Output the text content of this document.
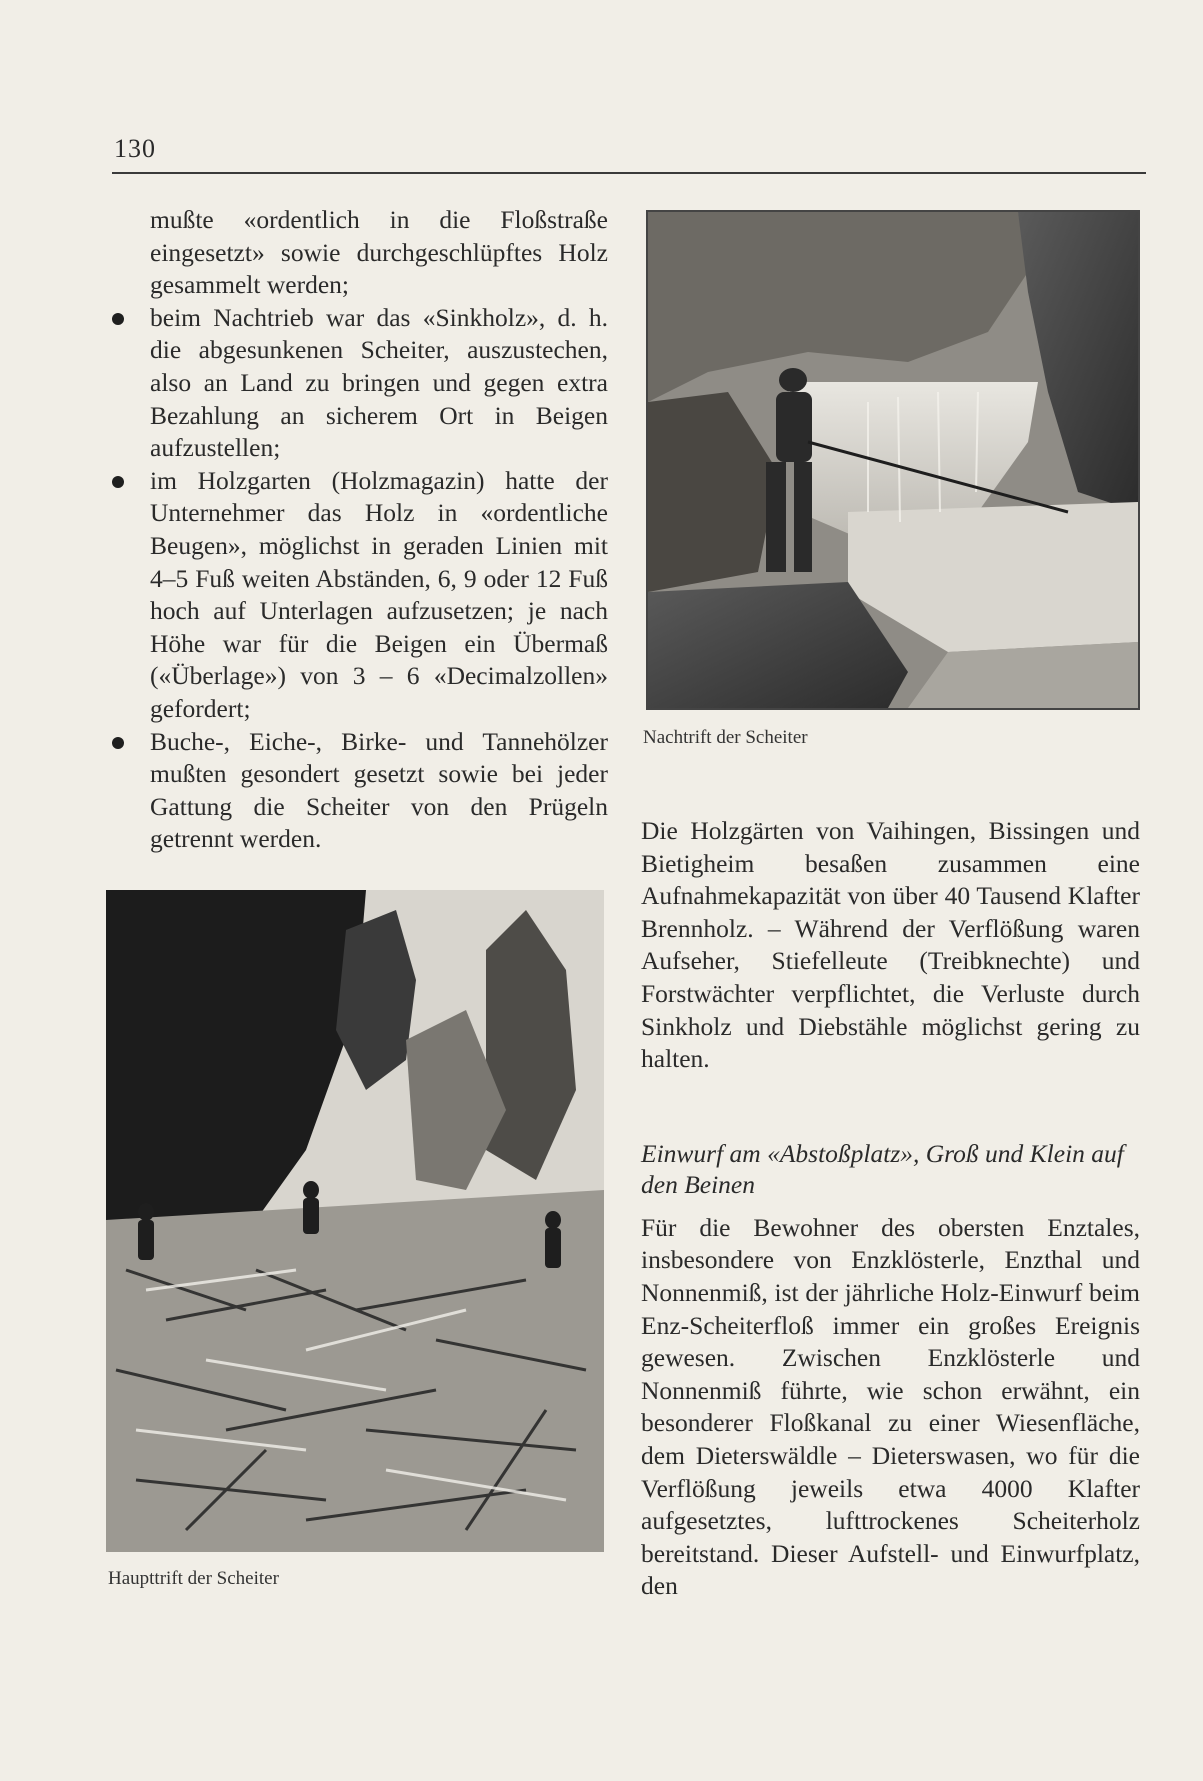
130

mußte «ordentlich in die Floßstraße eingesetzt» sowie durchgeschlüpftes Holz gesammelt werden;

beim Nachtrieb war das «Sinkholz», d. h. die abgesunkenen Scheiter, auszustechen, also an Land zu bringen und gegen extra Bezahlung an sicherem Ort in Beigen aufzustellen;
im Holzgarten (Holzmagazin) hatte der Unternehmer das Holz in «ordentliche Beugen», möglichst in geraden Linien mit 4–5 Fuß weiten Abständen, 6, 9 oder 12 Fuß hoch auf Unterlagen aufzusetzen; je nach Höhe war für die Beigen ein Übermaß («Überlage») von 3 – 6 «Decimalzollen» gefordert;
Buche-, Eiche-, Birke- und Tannehölzer mußten gesondert gesetzt sowie bei jeder Gattung die Scheiter von den Prügeln getrennt werden.
Nachtrift der Scheiter
Haupttrift der Scheiter

Die Holzgärten von Vaihingen, Bissingen und Bietigheim besaßen zusammen eine Aufnahmekapazität von über 40 Tausend Klafter Brennholz. – Während der Verflößung waren Aufseher, Stiefelleute (Treibknechte) und Forstwächter verpflichtet, die Verluste durch Sinkholz und Diebstähle möglichst gering zu halten.

Einwurf am «Abstoßplatz», Groß und Klein auf den Beinen

Für die Bewohner des obersten Enztales, insbesondere von Enzklösterle, Enzthal und Nonnenmiß, ist der jährliche Holz-Einwurf beim Enz-Scheiterfloß immer ein großes Ereignis gewesen. Zwischen Enzklösterle und Nonnenmiß führte, wie schon erwähnt, ein besonderer Floßkanal zu einer Wiesenfläche, dem Dieterswäldle – Dieterswasen, wo für die Verflößung jeweils etwa 4000 Klafter aufgesetztes, lufttrockenes Scheiterholz bereitstand. Dieser Aufstell- und Einwurfplatz, den
